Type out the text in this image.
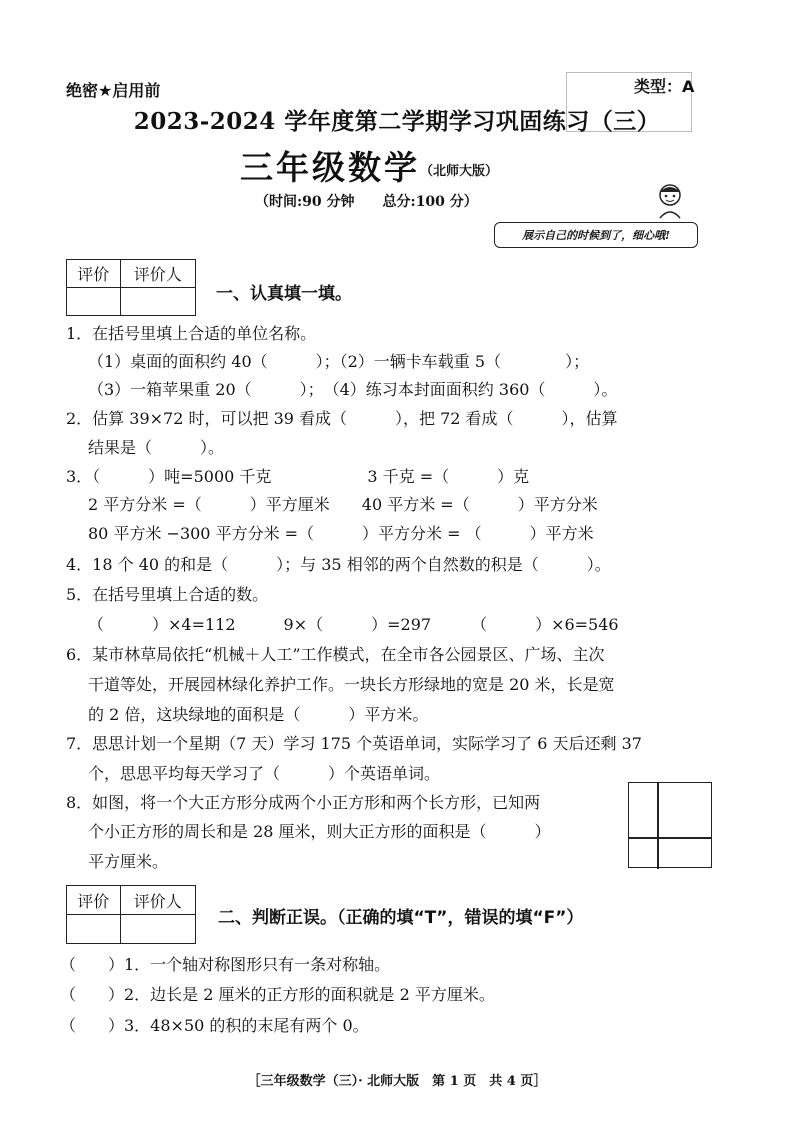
绝密★启用前	类型：A
2023-2024 学年度第二学期学习巩固练习（三）
三年级数学 （北师大版）
（时间:90 分钟　　总分:100 分）
展示自己的时候到了，细心哦!
评价	评价人

一、认真填一填。
1．在括号里填上合适的单位名称。
（1）桌面的面积约 40（　　　）；（2）一辆卡车载重 5（　　　　）；
（3）一箱苹果重 20（　　　）；　（4）练习本封面面积约 360（　　　）。
2．估算 39×72 时，可以把 39 看成（　　　），把 72 看成（　　　），估算
结果是（　　　）。
3．（　　　）吨=5000 千克　　　　　　3 千克 =（　　　）克
2 平方分米 =（　　　）平方厘米　　40 平方米 =（　　　）平方分米
80 平方米 −300 平方分米 =（　　　）平方分米 = （　　　）平方米
4．18 个 40 的和是（　　　）；与 35 相邻的两个自然数的积是（　　　）。
5．在括号里填上合适的数。
（　　　）×4=112　　　9×（　　　）=297　　　（　　　）×6=546
6．某市林草局依托“机械＋人工”工作模式，在全市各公园景区、广场、主次
干道等处，开展园林绿化养护工作。一块长方形绿地的宽是 20 米，长是宽
的 2 倍，这块绿地的面积是（　　　）平方米。
7．思思计划一个星期（7 天）学习 175 个英语单词，实际学习了 6 天后还剩 37
个，思思平均每天学习了（　　　）个英语单词。
8．如图，将一个大正方形分成两个小正方形和两个长方形，已知两
个小正方形的周长和是 28 厘米，则大正方形的面积是（　　　）
平方厘米。
评价	评价人

二、判断正误。（正确的填“T”，错误的填“F”）
（　　）1．一个轴对称图形只有一条对称轴。
（　　）2．边长是 2 厘米的正方形的面积就是 2 平方厘米。
（　　）3．48×50 的积的末尾有两个 0。
［三年级数学（三）· 北师大版　第 1 页　共 4 页］
